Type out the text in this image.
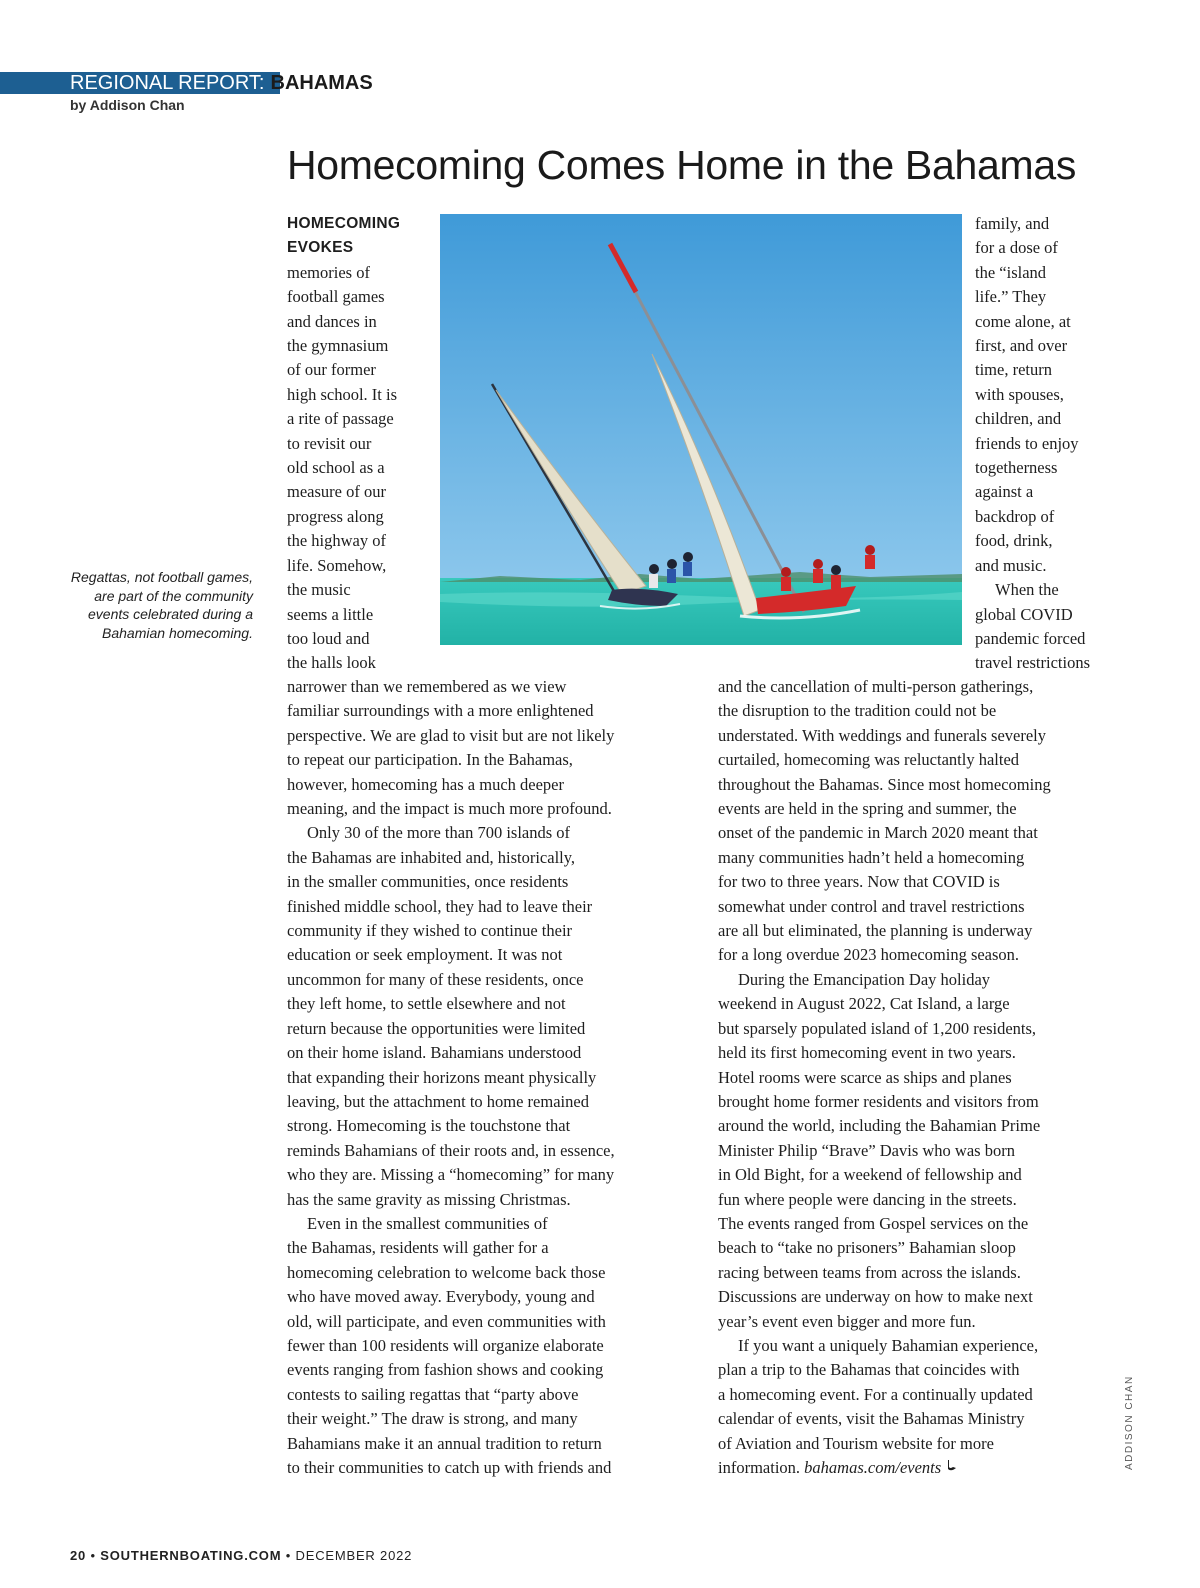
REGIONAL REPORT: BAHAMAS
by Addison Chan
Homecoming Comes Home in the Bahamas
Regattas, not football games, are part of the community events celebrated during a Bahamian homecoming.
HOMECOMING
EVOKES
memories of
football games
and dances in
the gymnasium
of our former
high school. It is
a rite of passage
to revisit our
old school as a
measure of our
progress along
the highway of
life. Somehow,
the music
seems a little
too loud and
the halls look
narrower than we remembered as we view
familiar surroundings with a more enlightened
perspective. We are glad to visit but are not likely
to repeat our participation. In the Bahamas,
however, homecoming has a much deeper
meaning, and the impact is much more profound.
Only 30 of the more than 700 islands of
the Bahamas are inhabited and, historically,
in the smaller communities, once residents
finished middle school, they had to leave their
community if they wished to continue their
education or seek employment. It was not
uncommon for many of these residents, once
they left home, to settle elsewhere and not
return because the opportunities were limited
on their home island. Bahamians understood
that expanding their horizons meant physically
leaving, but the attachment to home remained
strong. Homecoming is the touchstone that
reminds Bahamians of their roots and, in essence,
who they are. Missing a “homecoming” for many
has the same gravity as missing Christmas.
Even in the smallest communities of
the Bahamas, residents will gather for a
homecoming celebration to welcome back those
who have moved away. Everybody, young and
old, will participate, and even communities with
fewer than 100 residents will organize elaborate
events ranging from fashion shows and cooking
contests to sailing regattas that “party above
their weight.” The draw is strong, and many
Bahamians make it an annual tradition to return
to their communities to catch up with friends and
family, and
for a dose of
the “island
life.” They
come alone, at
first, and over
time, return
with spouses,
children, and
friends to enjoy
togetherness
against a
backdrop of
food, drink,
and music.
When the
global COVID
pandemic forced
travel restrictions
and the cancellation of multi-person gatherings,
the disruption to the tradition could not be
understated. With weddings and funerals severely
curtailed, homecoming was reluctantly halted
throughout the Bahamas. Since most homecoming
events are held in the spring and summer, the
onset of the pandemic in March 2020 meant that
many communities hadn’t held a homecoming
for two to three years. Now that COVID is
somewhat under control and travel restrictions
are all but eliminated, the planning is underway
for a long overdue 2023 homecoming season.
During the Emancipation Day holiday
weekend in August 2022, Cat Island, a large
but sparsely populated island of 1,200 residents,
held its first homecoming event in two years.
Hotel rooms were scarce as ships and planes
brought home former residents and visitors from
around the world, including the Bahamian Prime
Minister Philip “Brave” Davis who was born
in Old Bight, for a weekend of fellowship and
fun where people were dancing in the streets.
The events ranged from Gospel services on the
beach to “take no prisoners” Bahamian sloop
racing between teams from across the islands.
Discussions are underway on how to make next
year’s event even bigger and more fun.
If you want a uniquely Bahamian experience,
plan a trip to the Bahamas that coincides with
a homecoming event. For a continually updated
calendar of events, visit the Bahamas Ministry
of Aviation and Tourism website for more
information. bahamas.com/events	ADDISON CHAN
20 • SOUTHERNBOATING.COM • DECEMBER 2022
